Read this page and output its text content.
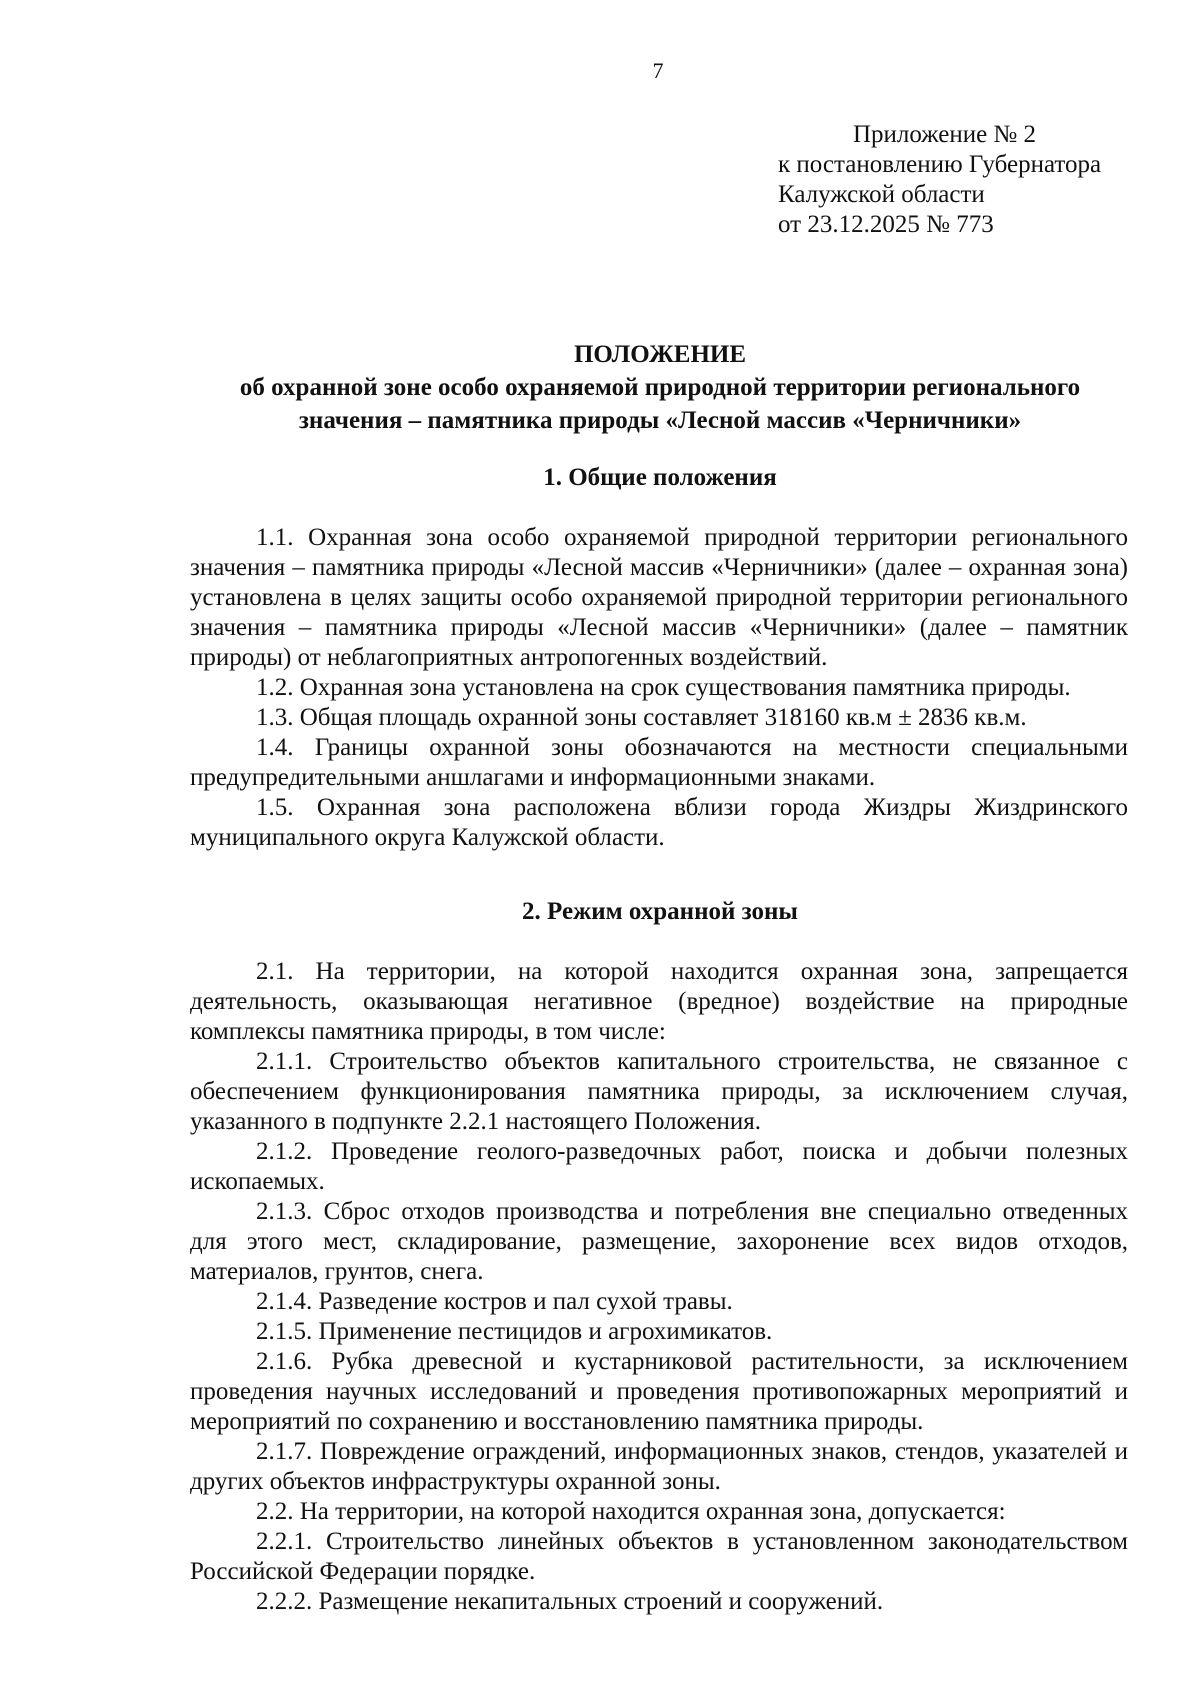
7
Приложение № 2
к постановлению Губернатора
Калужской области
от 23.12.2025 № 773
ПОЛОЖЕНИЕ
об охранной зоне особо охраняемой природной территории регионального
значения – памятника природы «Лесной массив «Черничники»
1. Общие положения

1.1. Охранная зона особо охраняемой природной территории регионального значения – памятника природы «Лесной массив «Черничники» (далее – охранная зона) установлена в целях защиты особо охраняемой природной территории регионального значения – памятника природы «Лесной массив «Черничники» (далее – памятник природы) от неблагоприятных антропогенных воздействий.

1.2. Охранная зона установлена на срок существования памятника природы.

1.3. Общая площадь охранной зоны составляет 318160 кв.м ± 2836 кв.м.

1.4. Границы охранной зоны обозначаются на местности специальными предупредительными аншлагами и информационными знаками.

1.5. Охранная зона расположена вблизи города Жиздры Жиздринского муниципального округа Калужской области.

2. Режим охранной зоны

2.1. На территории, на которой находится охранная зона, запрещается деятельность, оказывающая негативное (вредное) воздействие на природные комплексы памятника природы, в том числе:

2.1.1. Строительство объектов капитального строительства, не связанное с обеспечением функционирования памятника природы, за исключением случая, указанного в подпункте 2.2.1 настоящего Положения.

2.1.2. Проведение геолого-разведочных работ, поиска и добычи полезных ископаемых.

2.1.3. Сброс отходов производства и потребления вне специально отведенных для этого мест, складирование, размещение, захоронение всех видов отходов, материалов, грунтов, снега.

2.1.4. Разведение костров и пал сухой травы.

2.1.5. Применение пестицидов и агрохимикатов.

2.1.6. Рубка древесной и кустарниковой растительности, за исключением проведения научных исследований и проведения противопожарных мероприятий и мероприятий по сохранению и восстановлению памятника природы.

2.1.7. Повреждение ограждений, информационных знаков, стендов, указателей и других объектов инфраструктуры охранной зоны.

2.2. На территории, на которой находится охранная зона, допускается:

2.2.1. Строительство линейных объектов в установленном законодательством Российской Федерации порядке.

2.2.2. Размещение некапитальных строений и сооружений.
